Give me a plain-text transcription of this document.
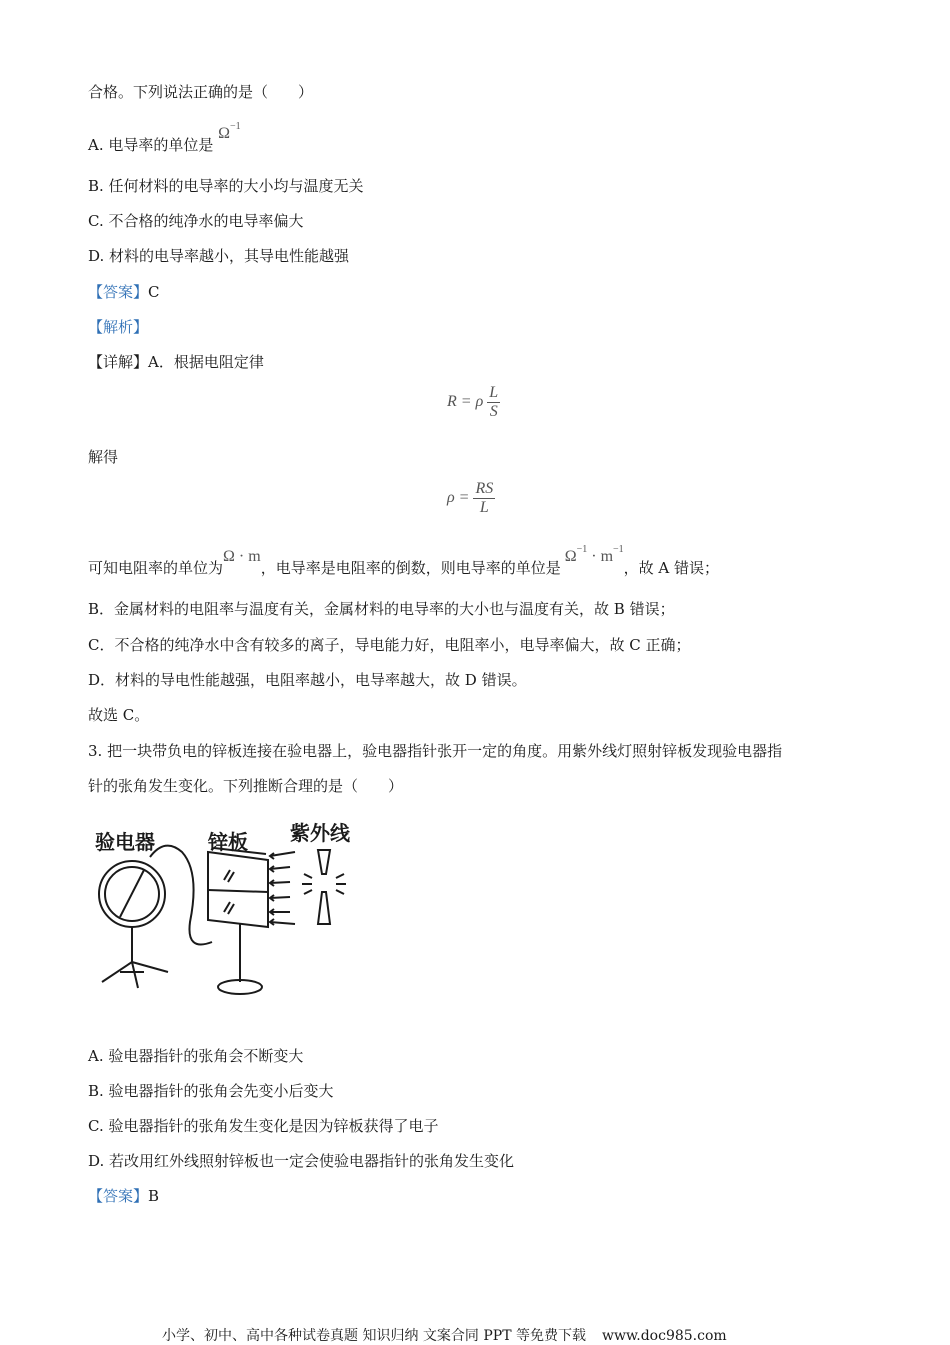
合格。下列说法正确的是（　　）
A. 电导率的单位是 $\Omega^{-1}$
B. 任何材料的电导率的大小均与温度无关
C. 不合格的纯净水的电导率偏大
D. 材料的电导率越小，其导电性能越强
【答案】C
【解析】
【详解】A．根据电阻定律
R = ρ $\frac{L}{S}$
解得
$\rho = \frac{RS}{L}$
可知电阻率的单位为Ω · m，电导率是电阻率的倒数，则电导率的单位是$\Omega^{-1} \cdot m^{-1}$，故 A 错误；
B．金属材料的电阻率与温度有关，金属材料的电导率的大小也与温度有关，故 B 错误；
C．不合格的纯净水中含有较多的离子，导电能力好，电阻率小，电导率偏大，故 C 正确；
D．材料的导电性能越强，电阻率越小，电导率越大，故 D 错误。
故选 C。
3. 把一块带负电的锌板连接在验电器上，验电器指针张开一定的角度。用紫外线灯照射锌板发现验电器指
针的张角发生变化。下列推断合理的是（　　）
验电器	锌板 紫外线
A. 验电器指针的张角会不断变大
B. 验电器指针的张角会先变小后变大
C. 验电器指针的张角发生变化是因为锌板获得了电子
D. 若改用红外线照射锌板也一定会使验电器指针的张角发生变化
【答案】B
小学、初中、高中各种试卷真题 知识归纳 文案合同 PPT 等免费下载 www.doc985.com
